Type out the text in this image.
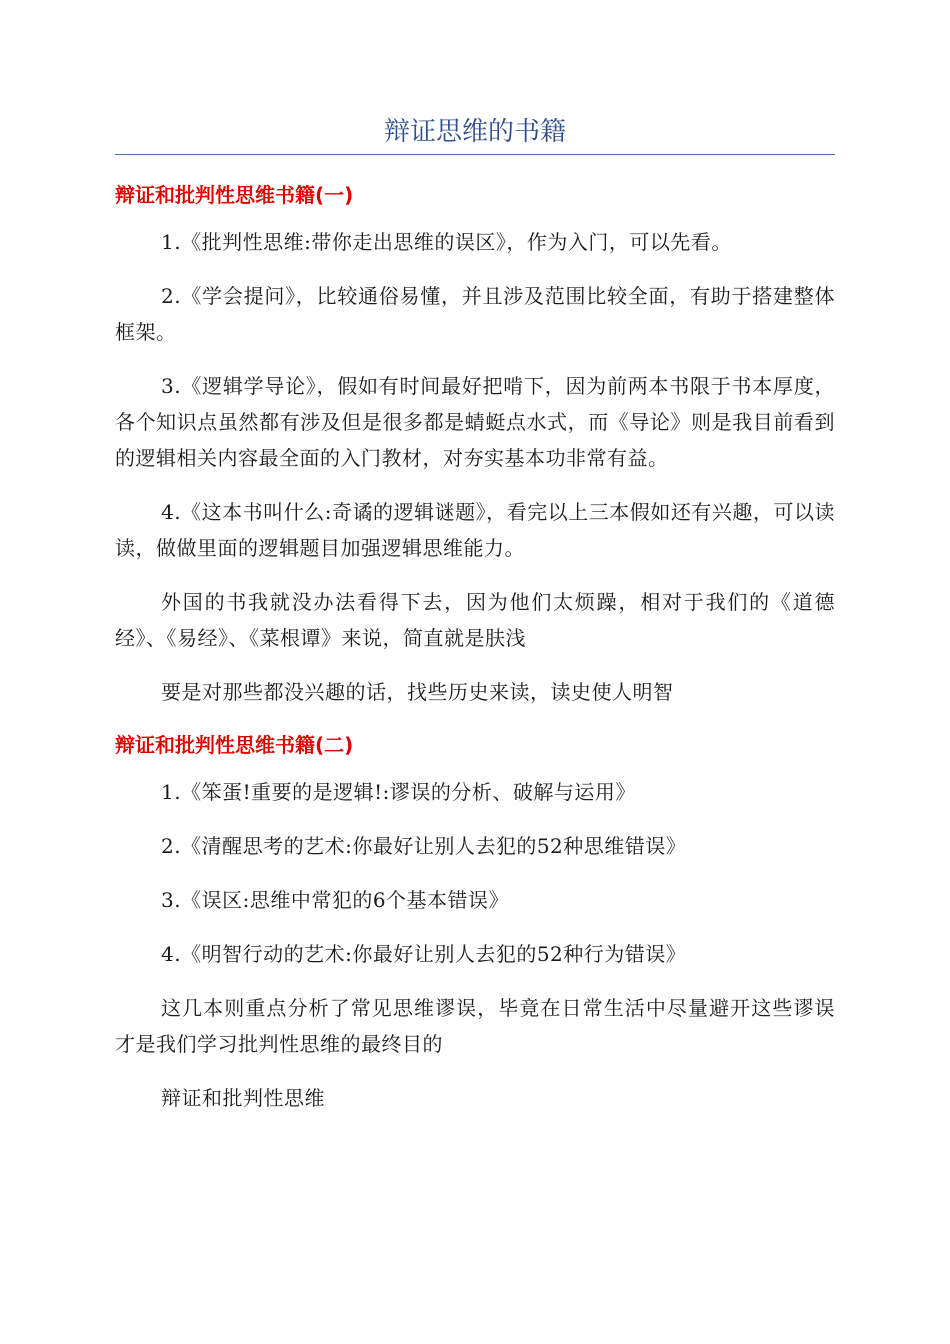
辩证思维的书籍
辩证和批判性思维书籍(一)

1.《批判性思维:带你走出思维的误区》，作为入门，可以先看。

2.《学会提问》，比较通俗易懂，并且涉及范围比较全面，有助于搭建整体框架。

3.《逻辑学导论》，假如有时间最好把啃下，因为前两本书限于书本厚度，各个知识点虽然都有涉及但是很多都是蜻蜓点水式，而《导论》则是我目前看到的逻辑相关内容最全面的入门教材，对夯实基本功非常有益。

4.《这本书叫什么:奇谲的逻辑谜题》，看完以上三本假如还有兴趣，可以读读，做做里面的逻辑题目加强逻辑思维能力。

外国的书我就没办法看得下去，因为他们太烦躁，相对于我们的《道德经》、《易经》、《菜根谭》来说，简直就是肤浅

要是对那些都没兴趣的话，找些历史来读，读史使人明智

辩证和批判性思维书籍(二)

1.《笨蛋!重要的是逻辑!:谬误的分析、破解与运用》

2.《清醒思考的艺术:你最好让别人去犯的52种思维错误》

3.《误区:思维中常犯的6个基本错误》

4.《明智行动的艺术:你最好让别人去犯的52种行为错误》

这几本则重点分析了常见思维谬误，毕竟在日常生活中尽量避开这些谬误才是我们学习批判性思维的最终目的

辩证和批判性思维
